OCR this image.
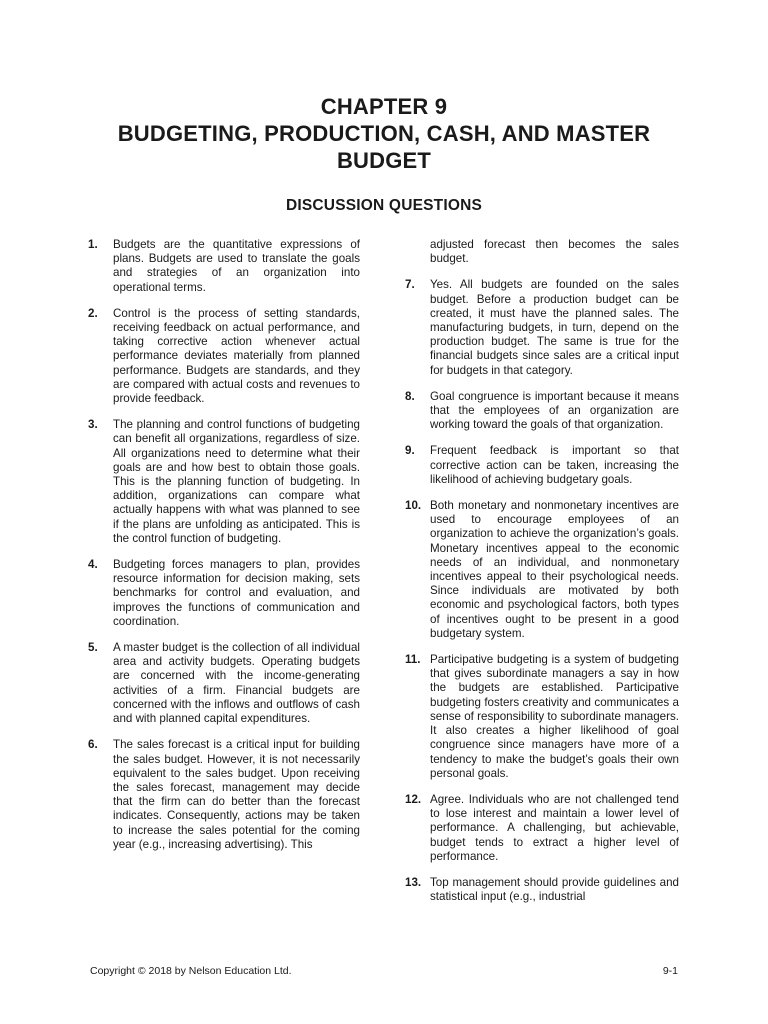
CHAPTER 9
BUDGETING, PRODUCTION, CASH, AND MASTER
BUDGET
DISCUSSION QUESTIONS
1.	Budgets are the quantitative expressions of plans. Budgets are used to translate the goals and strategies of an organization into operational terms.
2.	Control is the process of setting standards, receiving feedback on actual performance, and taking corrective action whenever actual performance deviates materially from planned performance. Budgets are standards, and they are compared with actual costs and revenues to provide feedback.
3.	The planning and control functions of budgeting can benefit all organizations, regardless of size. All organizations need to determine what their goals are and how best to obtain those goals. This is the planning function of budgeting. In addition, organizations can compare what actually happens with what was planned to see if the plans are unfolding as anticipated. This is the control function of budgeting.
4.	Budgeting forces managers to plan, provides resource information for decision making, sets benchmarks for control and evaluation, and improves the functions of communication and coordination.
5.	A master budget is the collection of all individual area and activity budgets. Operating budgets are concerned with the income-generating activities of a firm. Financial budgets are concerned with the inflows and outflows of cash and with planned capital expenditures.
6.	The sales forecast is a critical input for building the sales budget. However, it is not necessarily equivalent to the sales budget. Upon receiving the sales forecast, management may decide that the firm can do better than the forecast indicates. Consequently, actions may be taken to increase the sales potential for the coming year (e.g., increasing advertising). This
adjusted forecast then becomes the sales budget.
7.	Yes. All budgets are founded on the sales budget. Before a production budget can be created, it must have the planned sales. The manufacturing budgets, in turn, depend on the production budget. The same is true for the financial budgets since sales are a critical input for budgets in that category.
8.	Goal congruence is important because it means that the employees of an organization are working toward the goals of that organization.
9.	Frequent feedback is important so that corrective action can be taken, increasing the likelihood of achieving budgetary goals.
10. Both monetary and nonmonetary incentives are used to encourage employees of an organization to achieve the organization’s goals. Monetary incentives appeal to the economic needs of an individual, and nonmonetary incentives appeal to their psychological needs. Since individuals are motivated by both economic and psychological factors, both types of incentives ought to be present in a good budgetary system.
11. Participative budgeting is a system of budgeting that gives subordinate managers a say in how the budgets are established. Participative budgeting fosters creativity and communicates a sense of responsibility to subordinate managers. It also creates a higher likelihood of goal congruence since managers have more of a tendency to make the budget’s goals their own personal goals.
12. Agree. Individuals who are not challenged tend to lose interest and maintain a lower level of performance. A challenging, but achievable, budget tends to extract a higher level of performance.
13. Top management should provide guidelines and statistical input (e.g., industrial
Copyright © 2018 by Nelson Education Ltd.	9-1
